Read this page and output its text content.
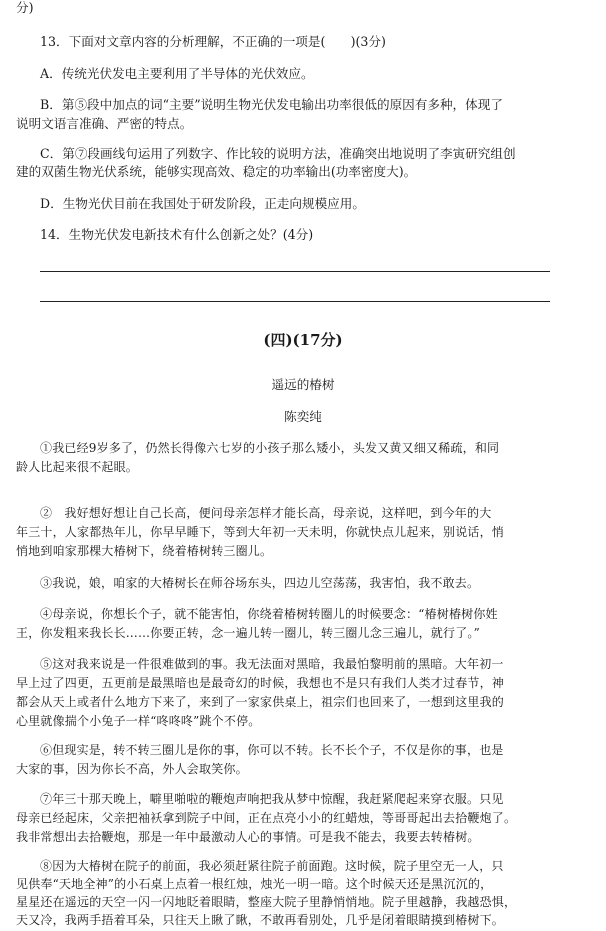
分)
13．下面对文章内容的分析理解，不正确的一项是(　　)(3分)
A．传统光伏发电主要利用了半导体的光伏效应。
B．第⑤段中加点的词“主要”说明生物光伏发电输出功率很低的原因有多种，体现了
说明文语言准确、严密的特点。
C．第⑦段画线句运用了列数字、作比较的说明方法，准确突出地说明了李寅研究组创
建的双菌生物光伏系统，能够实现高效、稳定的功率输出(功率密度大)。
D．生物光伏目前在我国处于研发阶段，正走向规模应用。
14．生物光伏发电新技术有什么创新之处？(4分)
(四)(17分)
遥远的椿树
陈奕纯
①我已经9岁多了，仍然长得像六七岁的小孩子那么矮小，头发又黄又细又稀疏，和同
龄人比起来很不起眼。
②　我好想好想让自己长高，便问母亲怎样才能长高，母亲说，这样吧，到今年的大
年三十，人家都热年儿，你早早睡下，等到大年初一天未明，你就快点儿起来，别说话，悄
悄地到咱家那棵大椿树下，绕着椿树转三圈儿。
③我说，娘，咱家的大椿树长在师谷场东头，四边儿空荡荡，我害怕，我不敢去。
④母亲说，你想长个子，就不能害怕，你绕着椿树转圈儿的时候要念：“椿树椿树你姓
王，你发粗来我长长……你要正转，念一遍儿转一圈儿，转三圈儿念三遍儿，就行了。”
⑤这对我来说是一件很难做到的事。我无法面对黑暗，我最怕黎明前的黑暗。大年初一
早上过了四更，五更前是最黑暗也是最奇幻的时候，我想也不是只有我们人类才过春节，神
都会从天上或者什么地方下来了，来到了一家家供桌上，祖宗们也回来了，一想到这里我的
心里就像揣个小兔子一样“咚咚咚”跳个不停。
⑥但现实是，转不转三圈儿是你的事，你可以不转。长不长个子，不仅是你的事，也是
大家的事，因为你长不高，外人会取笑你。
⑦年三十那天晚上，噼里啪啦的鞭炮声响把我从梦中惊醒，我赶紧爬起来穿衣服。只见
母亲已经起床，父亲把袖袄拿到院子中间，正在点亮小小的红蜡烛，等哥哥起出去拾鞭炮了。
我非常想出去拾鞭炮，那是一年中最激动人心的事情。可是我不能去，我要去转椿树。
⑧因为大椿树在院子的前面，我必须赶紧往院子前面跑。这时候，院子里空无一人，只
见供奉“天地全神”的小石桌上点着一根红烛，烛光一明一暗。这个时候天还是黑沉沉的，
星星还在遥远的天空一闪一闪地眨着眼睛，整座大院子里静悄悄地。院子里越静，我越恐惧，
天又冷，我两手捂着耳朵，只往天上瞅了瞅，不敢再看别处，几乎是闭着眼睛摸到椿树下。
